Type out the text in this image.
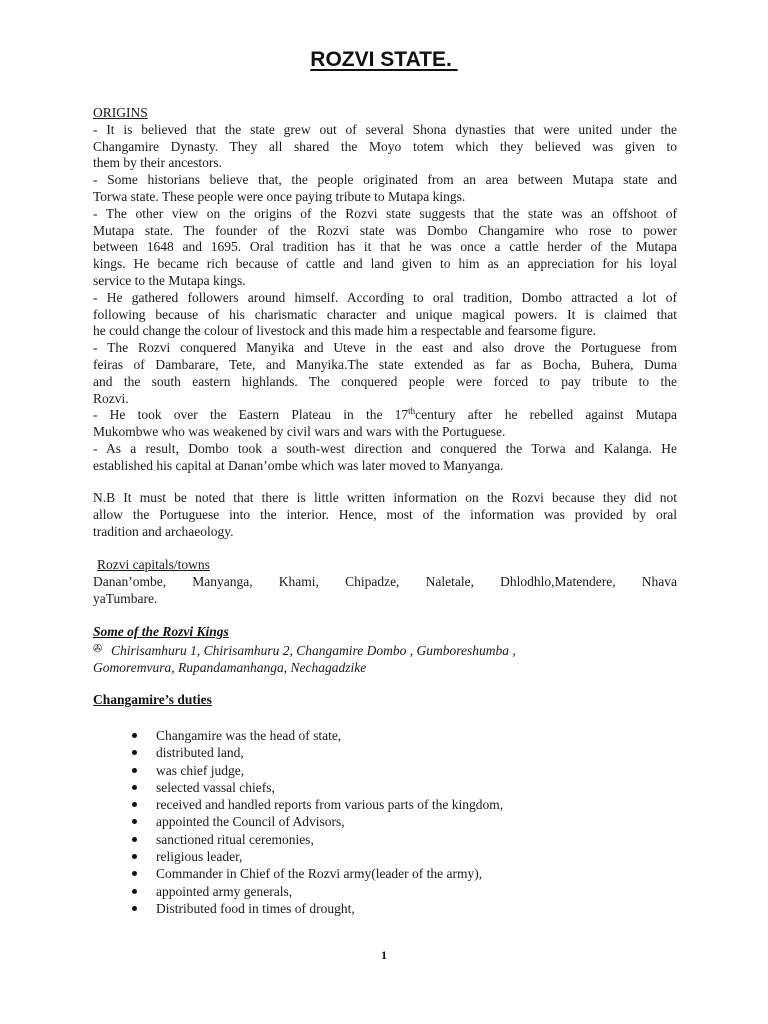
ROZVI STATE.
ORIGINS
- It is believed that the state grew out of several Shona dynasties that were united under the
Changamire Dynasty. They all shared the Moyo totem which they believed was given to
them by their ancestors.
- Some historians believe that, the people originated from an area between Mutapa state and
Torwa state. These people were once paying tribute to Mutapa kings.
- The other view on the origins of the Rozvi state suggests that the state was an offshoot of
Mutapa state. The founder of the Rozvi state was Dombo Changamire who rose to power
between 1648 and 1695. Oral tradition has it that he was once a cattle herder of the Mutapa
kings. He became rich because of cattle and land given to him as an appreciation for his loyal
service to the Mutapa kings.
- He gathered followers around himself. According to oral tradition, Dombo attracted a lot of
following because of his charismatic character and unique magical powers. It is claimed that
he could change the colour of livestock and this made him a respectable and fearsome figure.
- The Rozvi conquered Manyika and Uteve in the east and also drove the Portuguese from
feiras of Dambarare, Tete, and Manyika.The state extended as far as Bocha, Buhera, Duma
and the south eastern highlands. The conquered people were forced to pay tribute to the
Rozvi.
- He took over the Eastern Plateau in the 17thcentury after he rebelled against Mutapa
Mukombwe who was weakened by civil wars and wars with the Portuguese.
- As a result, Dombo took a south-west direction and conquered the Torwa and Kalanga. He
established his capital at Danan’ombe which was later moved to Manyanga.
N.B It must be noted that there is little written information on the Rozvi because they did not
allow the Portuguese into the interior. Hence, most of the information was provided by oral
tradition and archaeology.
Rozvi capitals/towns
Danan’ombe, Manyanga, Khami, Chipadze, Naletale, Dhlodhlo,Matendere, Nhava
yaTumbare.
Some of the Rozvi Kings
✇ Chirisamhuru 1, Chirisamhuru 2, Changamire Dombo , Gumboreshumba ,
Gomoremvura, Rupandamanhanga, Nechagadzike
Changamire’s duties
Changamire was the head of state,
distributed land,
was chief judge,
selected vassal chiefs,
received and handled reports from various parts of the kingdom,
appointed the Council of Advisors,
sanctioned ritual ceremonies,
religious leader,
Commander in Chief of the Rozvi army(leader of the army),
appointed army generals,
Distributed food in times of drought,
1
